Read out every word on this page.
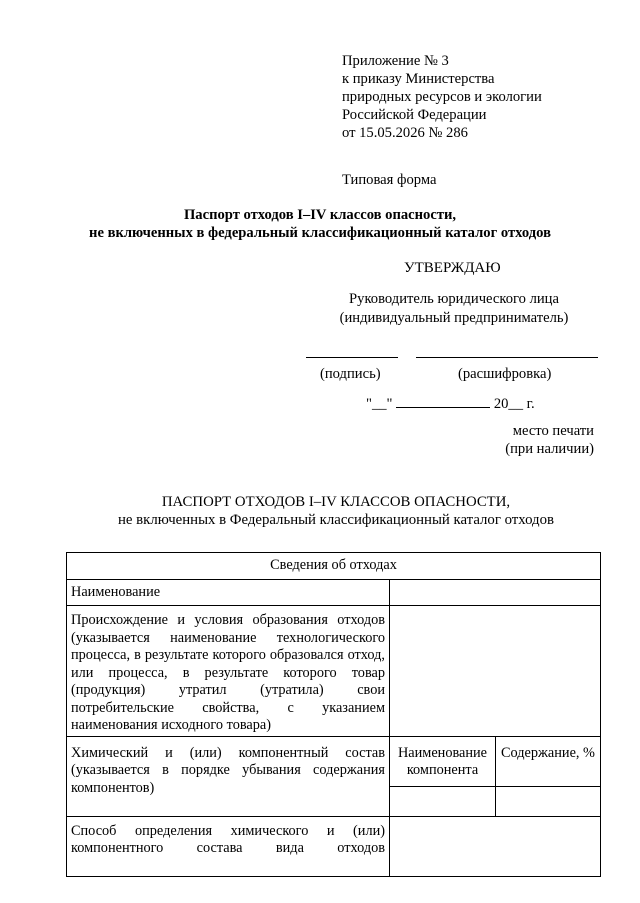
Приложение № 3
к приказу Министерства
природных ресурсов и экологии
Российской Федерации
от 15.05.2026 № 286
Типовая форма
Паспорт отходов I–IV классов опасности,
не включенных в федеральный классификационный каталог отходов
УТВЕРЖДАЮ
Руководитель юридического лица
(индивидуальный предприниматель)
(подпись)	(расшифровка)
"__"	20__ г.
место печати
(при наличии)
ПАСПОРТ ОТХОДОВ I–IV КЛАССОВ ОПАСНОСТИ,
не включенных в Федеральный классификационный каталог отходов
Сведения об отходах		
Наименование		
Происхождение и условия образования отходов (указывается наименование технологического процесса, в результате которого образовался отход, или процесса, в результате которого товар (продукция) утратил (утратила) свои потребительские свойства, с указанием наименования исходного товара)		
Химический и (или) компонентный состав (указывается в порядке убывания содержания компонентов)	Наименование компонента	Содержание, %

Способ определения химического и (или)
компонентного состава вида отходов		
